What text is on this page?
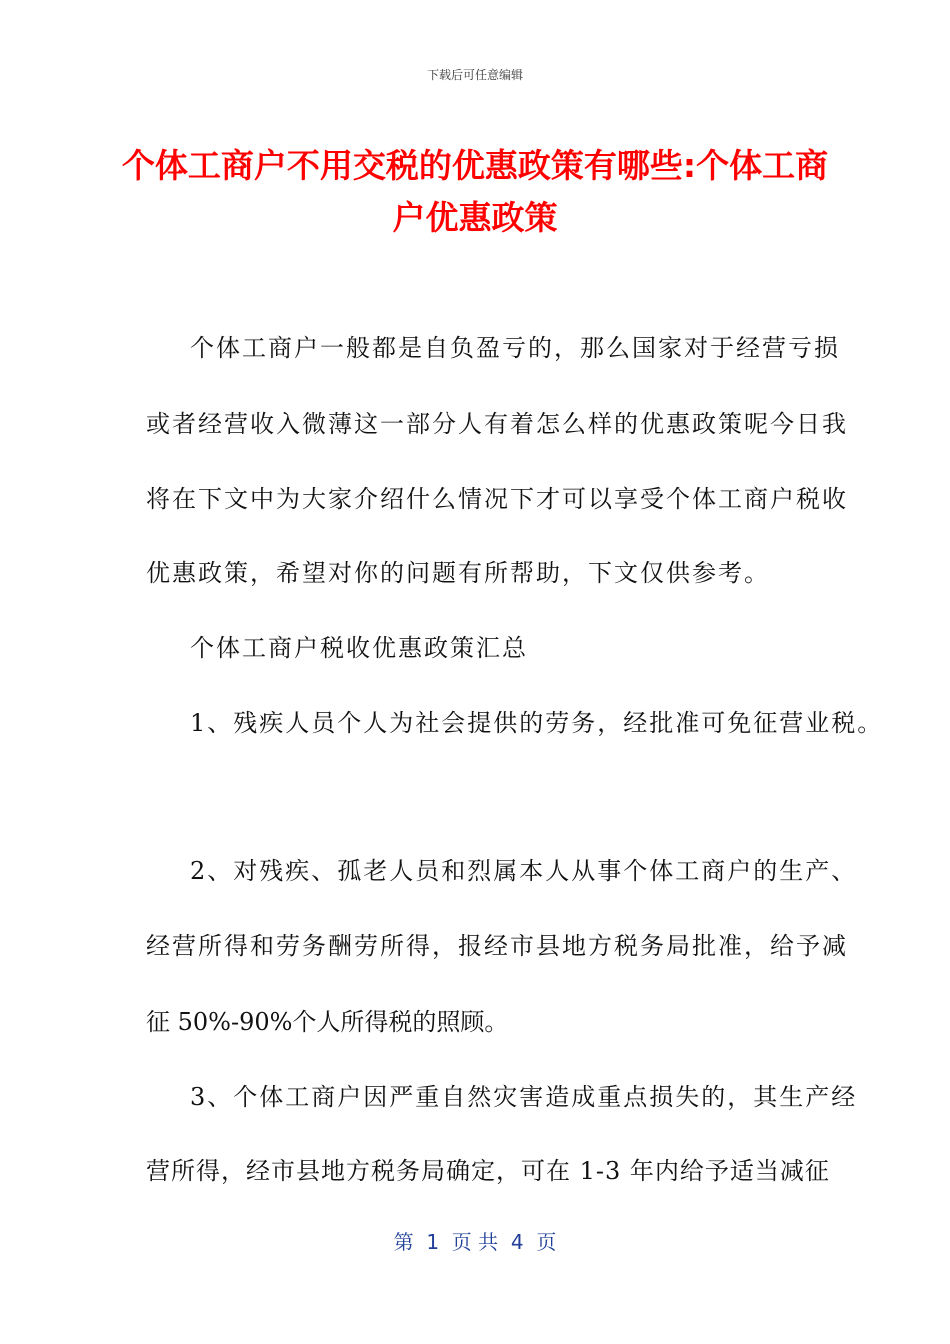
下载后可任意编辑
个体工商户不用交税的优惠政策有哪些:个体工商户优惠政策
个体工商户一般都是自负盈亏的，那么国家对于经营亏损
或者经营收入微薄这一部分人有着怎么样的优惠政策呢今日我
将在下文中为大家介绍什么情况下才可以享受个体工商户税收
优惠政策，希望对你的问题有所帮助，下文仅供参考。
个体工商户税收优惠政策汇总
1、残疾人员个人为社会提供的劳务，经批准可免征营业税。
2、对残疾、孤老人员和烈属本人从事个体工商户的生产、
经营所得和劳务酬劳所得，报经市县地方税务局批准，给予减
征 50%-90%个人所得税的照顾。
3、个体工商户因严重自然灾害造成重点损失的，其生产经
营所得，经市县地方税务局确定，可在 1-3 年内给予适当减征
第  1  页 共  4  页
